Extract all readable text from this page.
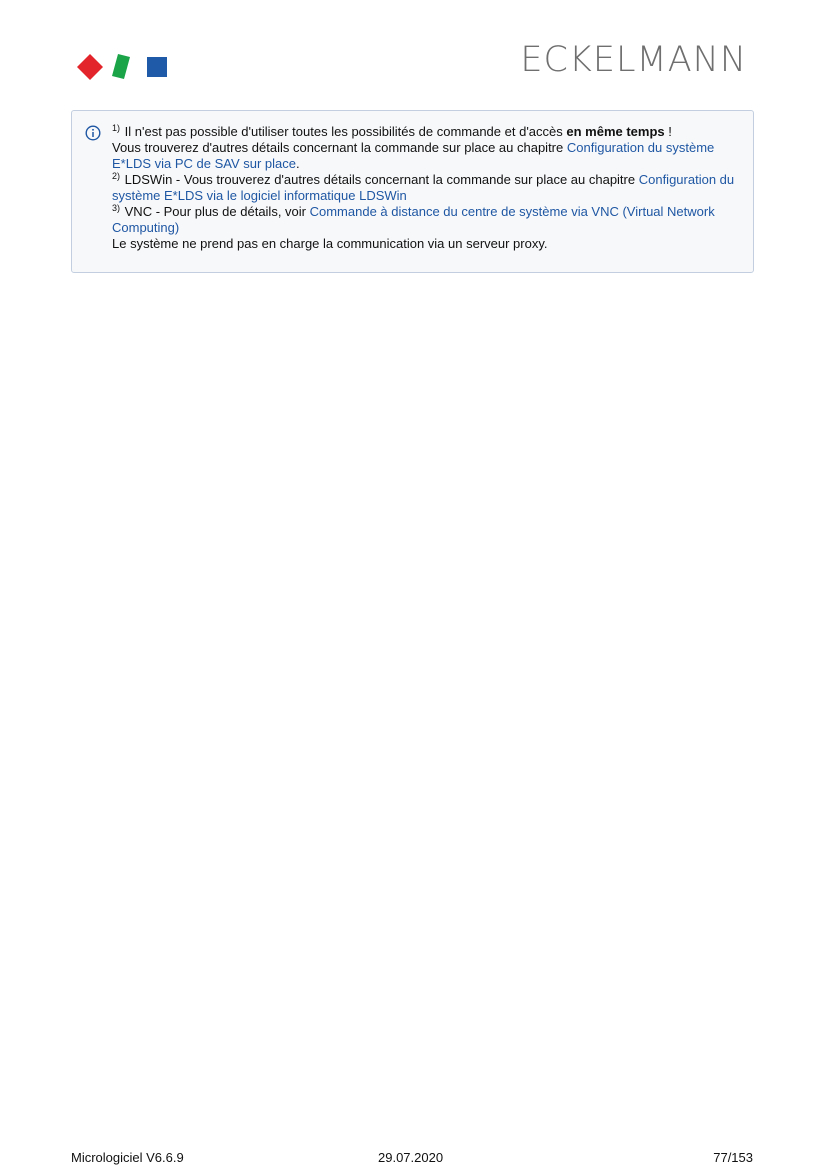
ECKELMANN

$^{1)}$ Il n'est pas possible d'utiliser toutes les possibilités de commande et d'accès en même temps !

Vous trouverez d'autres détails concernant la commande sur place au chapitre Configuration du système E*LDS via PC de SAV sur place.

$^{2)}$ LDSWin - Vous trouverez d'autres détails concernant la commande sur place au chapitre Configuration du système E*LDS via le logiciel informatique LDSWin

$^{3)}$ VNC - Pour plus de détails, voir Commande à distance du centre de système via VNC (Virtual Network Computing)

Le système ne prend pas en charge la communication via un serveur proxy.

Micrologiciel V6.6.9	29.07.2020	77/153
